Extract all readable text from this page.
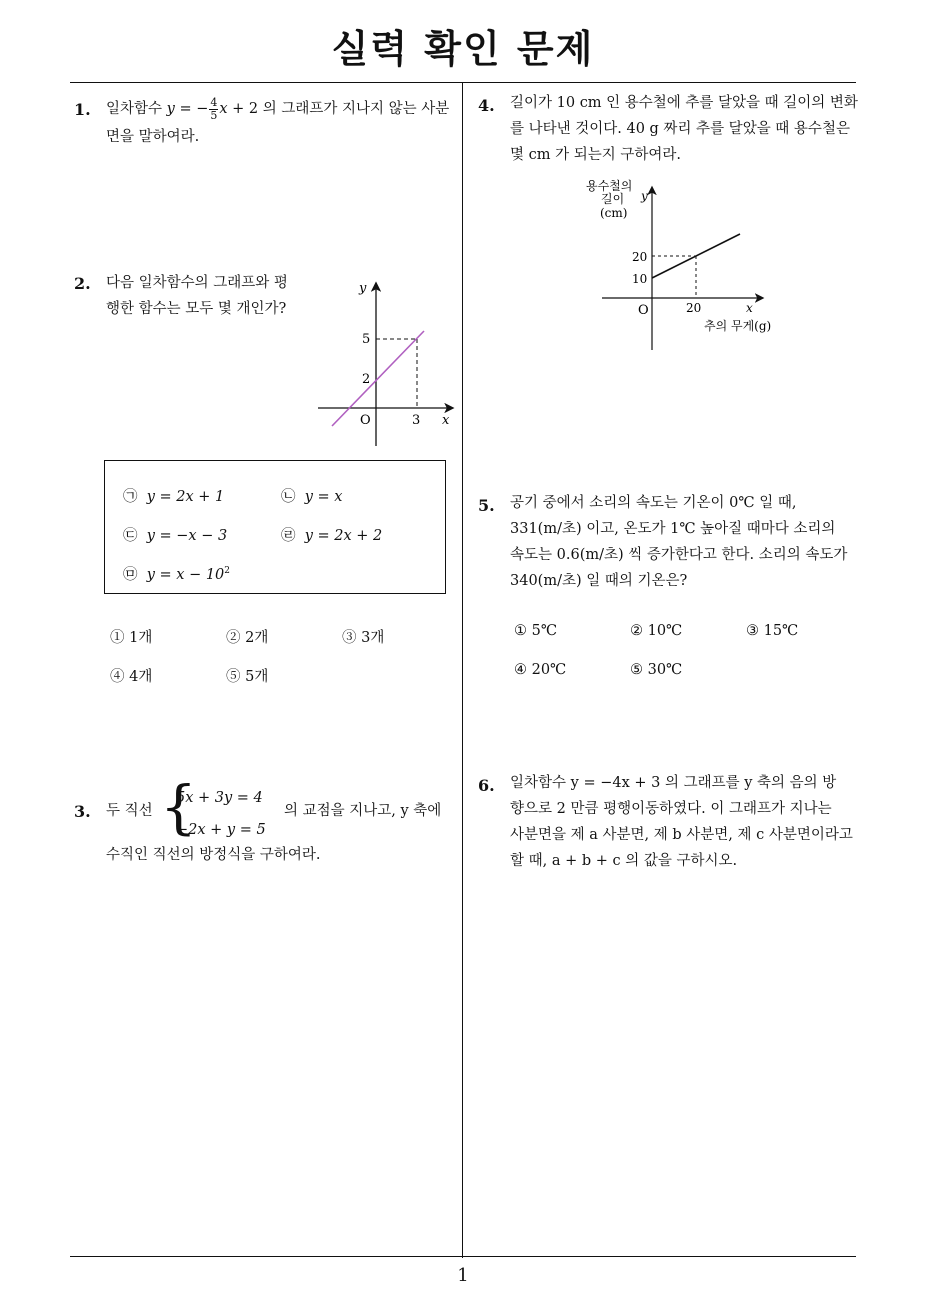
실력 확인 문제
1
1. 일차함수 y = − $\frac{4}{5}$ x + 2 의 그래프가 지나지 않는 사분
면을 말하여라.
2. 다음 일차함수의 그래프와 평
행한 함수는 모두 몇 개인가?
y
x
O
5
2
3
㉠ y = 2x + 1	㉡ y = x
㉢ y = −x − 3	㉣ y = 2x + 2
㉤ $y = x - 10^2$
① 1개	② 2개	③ 3개
④ 4개	⑤ 5개
3. 두 직선 {
5x + 3y = 4
−2x + y = 5
의 교점을 지나고, y 축에
수직인 직선의 방정식을 구하여라.
4. 길이가 10 cm 인 용수철에 추를 달았을 때 길이의 변화
를 나타낸 것이다. 40 g 짜리 추를 달았을 때 용수철은
몇 cm 가 되는지 구하여라.
용수철의
길이
(cm)
y
x
O
20
10
20
추의 무게(g)
5. 공기 중에서 소리의 속도는 기온이 0℃ 일 때,
331(m/초) 이고, 온도가 1℃ 높아질 때마다 소리의
속도는 0.6(m/초) 씩 증가한다고 한다. 소리의 속도가
340(m/초) 일 때의 기온은?
① 5℃	② 10℃	③ 15℃
④ 20℃	⑤ 30℃
6. 일차함수 y = −4x + 3 의 그래프를 y 축의 음의 방
향으로 2 만큼 평행이동하였다. 이 그래프가 지나는
사분면을 제 a 사분면, 제 b 사분면, 제 c 사분면이라고
할 때, a + b + c 의 값을 구하시오.
